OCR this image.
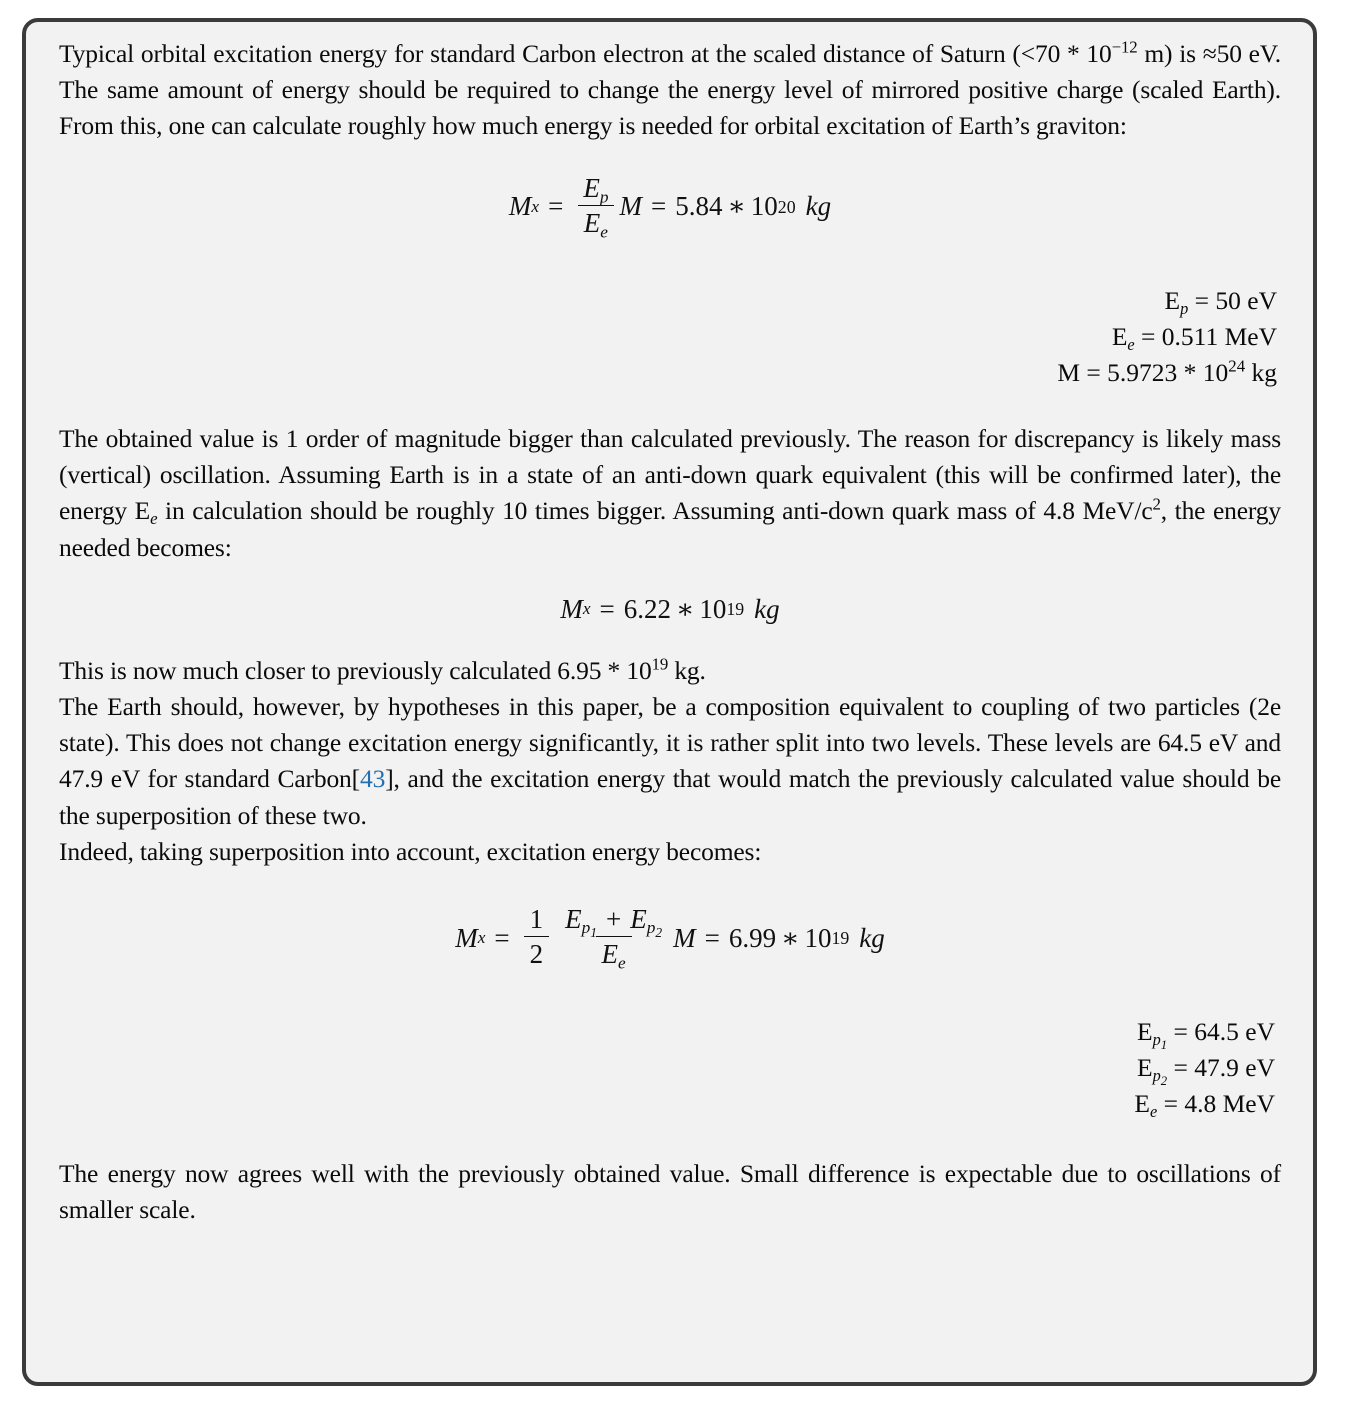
Typical orbital excitation energy for standard Carbon electron at the scaled distance of Saturn ($<70 * 10^{-12}$ m) is ≈50 eV. The same amount of energy should be required to change the energy level of mirrored positive charge (scaled Earth). From this, one can calculate roughly how much energy is needed for orbital excitation of Earth’s graviton:

M $x = \frac{E_p}{E_e}$ M = 5.84 ∗ 10 20 kg
$E_p = 50$ eV
$E_e = 0.511$ MeV
$M = 5.9723 * 10^{24}$ kg

The obtained value is 1 order of magnitude bigger than calculated previously. The reason for discrepancy is likely mass (vertical) oscillation. Assuming Earth is in a state of an anti-down quark equivalent (this will be confirmed later), the energy $E_e$ in calculation should be roughly 10 times bigger. Assuming anti-down quark mass of 4.8 MeV/$c^2$, the energy needed becomes:

M x = 6.22 ∗ 10 19 kg

This is now much closer to previously calculated $6.95 * 10^{19}$ kg.

The Earth should, however, by hypotheses in this paper, be a composition equivalent to coupling of two particles (2e state). This does not change excitation energy significantly, it is rather split into two levels. These levels are 64.5 eV and 47.9 eV for standard Carbon[43], and the excitation energy that would match the previously calculated value should be the superposition of these two.

Indeed, taking superposition into account, excitation energy becomes:

M $x = \frac{1}{2} \frac{E_{p_1} + E_{p_2}}{E_e}$ M = 6.99 ∗ 10 19 kg
$E_{p_1} = 64.5$ eV
$E_{p_2} = 47.9$ eV
$E_e = 4.8$ MeV

The energy now agrees well with the previously obtained value. Small difference is expectable due to oscillations of smaller scale.
